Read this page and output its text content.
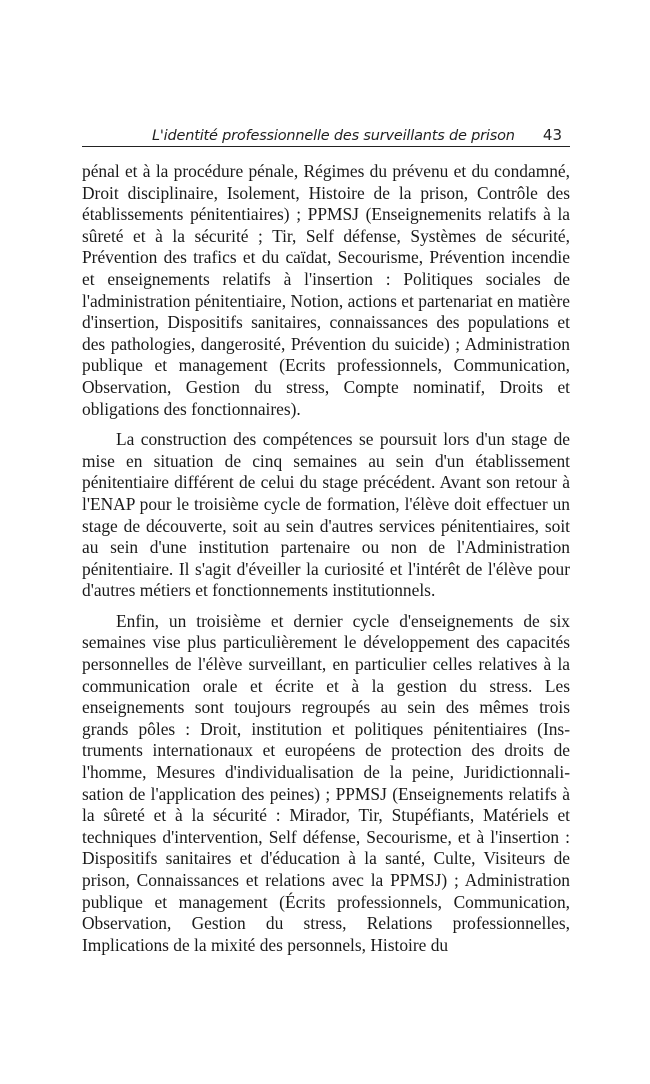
L'identité professionnelle des surveillants de prison 43

pénal et à la procédure pénale, Régimes du prévenu et du condamné, Droit disciplinaire, Isolement, Histoire de la prison, Contrôle des établissements pénitentiaires) ; PPMSJ (Enseignemenits relatifs à la sûreté et à la sécurité ; Tir, Self défense, Systèmes de sécurité, Prévention des trafics et du caïdat, Secourisme, Prévention incendie et enseignements relatifs à l'insertion : Politiques sociales de l'administration pénitentiaire, Notion, actions et partenariat en matière d'insertion, Dispositifs sanitaires, connaissances des populations et des pathologies, dangerosité, Prévention du suicide) ; Administration publique et management (Ecrits professionnels, Communication, Observation, Gestion du stress, Compte nominatif, Droits et obligations des fonctionnaires).

La construction des compétences se poursuit lors d'un stage de mise en situation de cinq semaines au sein d'un établissement pénitentiaire différent de celui du stage précédent. Avant son retour à l'ENAP pour le troisième cycle de formation, l'élève doit effectuer un stage de découverte, soit au sein d'autres services pénitentiaires, soit au sein d'une institution partenaire ou non de l'Administration pénitentiaire. Il s'agit d'éveiller la curiosité et l'intérêt de l'élève pour d'autres métiers et fonctionnements institutionnels.

Enfin, un troisième et dernier cycle d'enseignements de six semaines vise plus particulièrement le développement des capacités personnelles de l'élève surveillant, en particulier celles relatives à la communication orale et écrite et à la gestion du stress. Les enseignements sont toujours regroupés au sein des mêmes trois grands pôles : Droit, institution et politiques pénitentiaires (Instruments internationaux et européens de protection des droits de l'homme, Mesures d'individualisation de la peine, Juridictionnalisation de l'application des peines) ; PPMSJ (Enseignements relatifs à la sûreté et à la sécurité : Mirador, Tir, Stupéfiants, Matériels et techniques d'intervention, Self défense, Secourisme, et à l'insertion : Dispositifs sanitaires et d'éducation à la santé, Culte, Visiteurs de prison, Connaissances et relations avec la PPMSJ) ; Administration publique et management (Écrits professionnels, Communication, Observation, Gestion du stress, Relations professionnelles, Implications de la mixité des personnels, Histoire du
